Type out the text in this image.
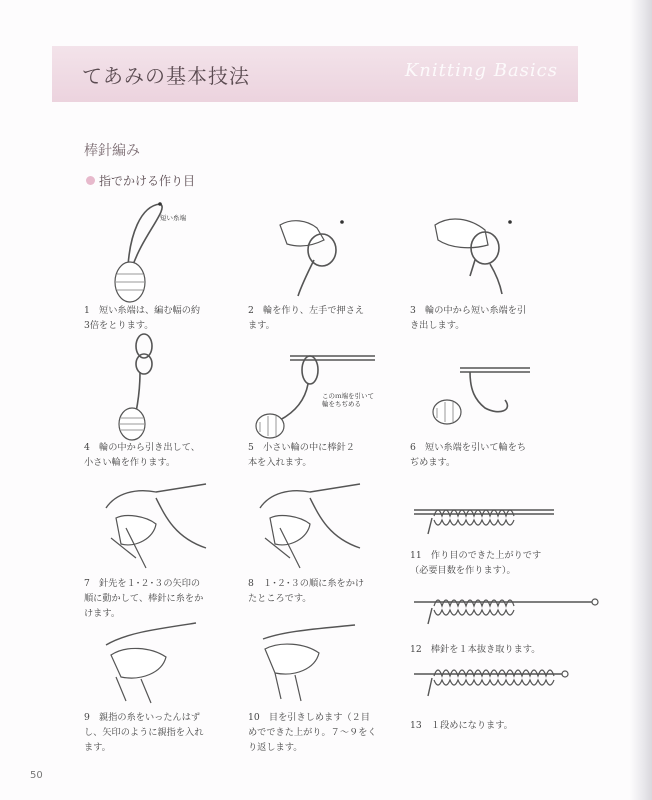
てあみの基本技法	Knitting Basics
棒針編み
指でかける作り目
短い糸端
1　 短い糸端は、編む幅の約
3倍をとります。
2　 輪を作り、左手で押さえ
ます。
3　 輪の中から短い糸端を引
き出します。
4　 輪の中から引き出して、
小さい輪を作ります。
このｍ端を引いて
輪をちぢめる
5　 小さい輪の中に棒針２
本を入れます。
6　 短い糸端を引いて輪をち
ぢめます。
7　 針先を１･２･３の矢印の
順に動かして、棒針に糸をか
けます。
8　 １･２･３の順に糸をかけ
たところです。
9　 親指の糸をいったんはず
し、矢印のように親指を入れ
ます。
10　 目を引きしめます（２目
めでできた上がり。７～９をく
り返します。
11　 作り目のできた上がりです
（必要目数を作ります）。
12　 棒針を１本抜き取ります。
13　 １段めになります。
50
